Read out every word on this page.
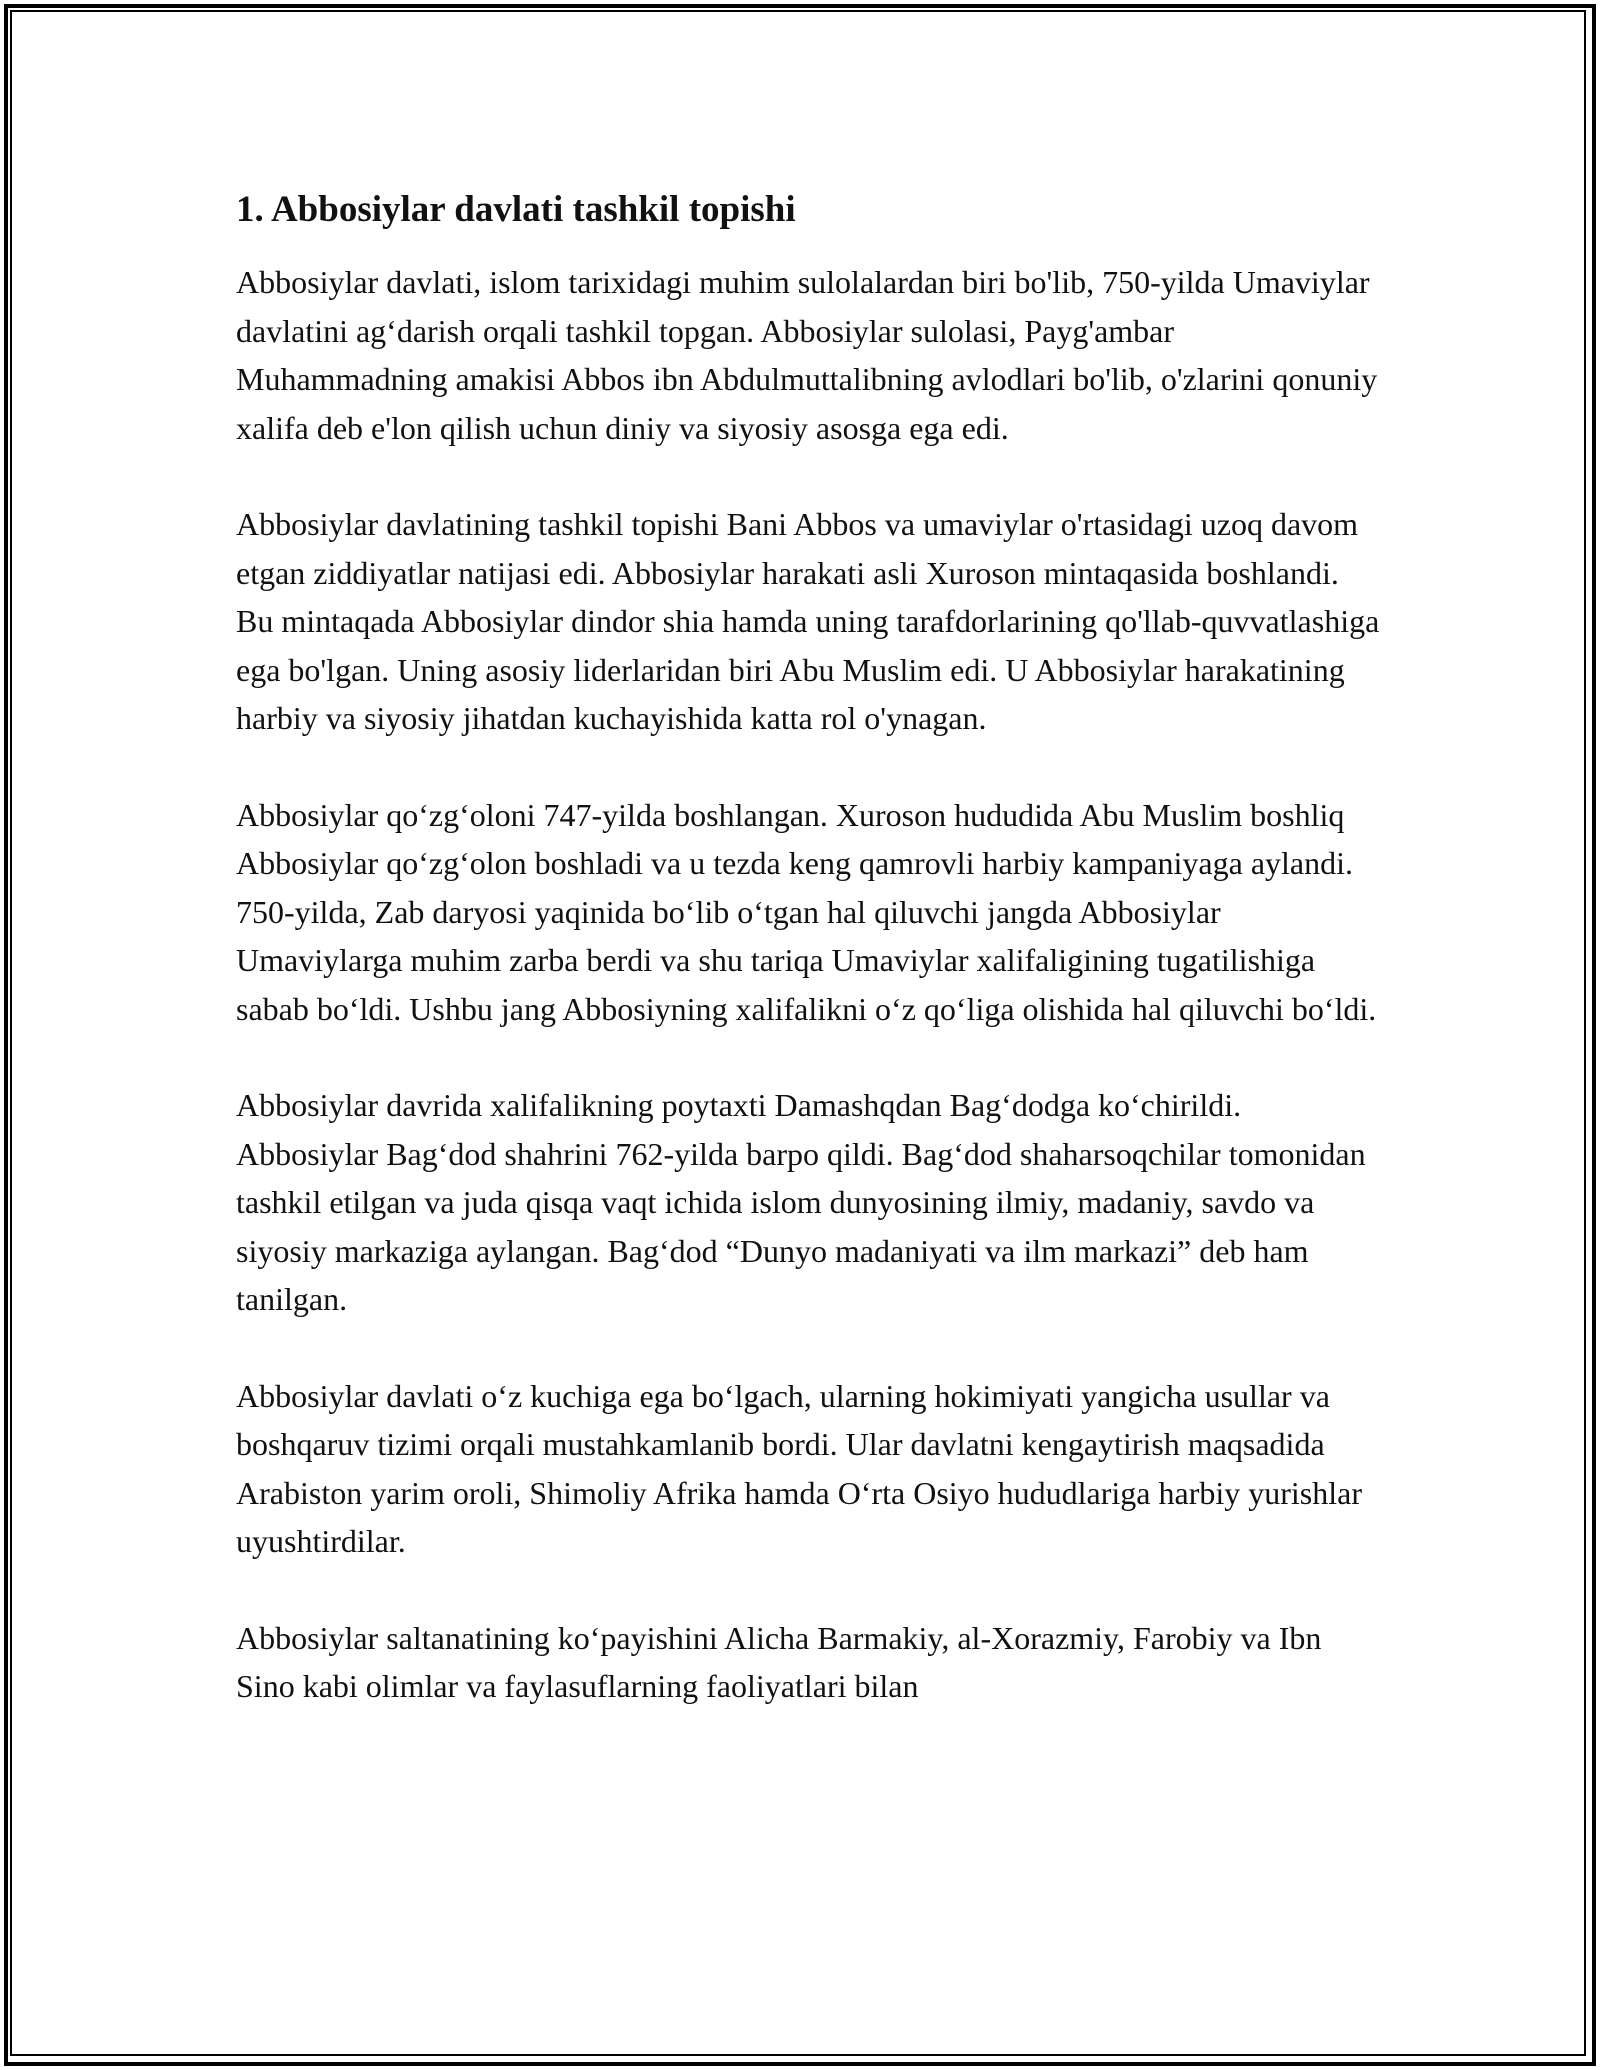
1. Abbosiylar davlati tashkil topishi

Abbosiylar davlati, islom tarixidagi muhim sulolalardan biri bo'lib, 750-yilda Umaviylar davlatini ag‘darish orqali tashkil topgan. Abbosiylar sulolasi, Payg'ambar Muhammadning amakisi Abbos ibn Abdulmuttalibning avlodlari bo'lib, o'zlarini qonuniy xalifa deb e'lon qilish uchun diniy va siyosiy asosga ega edi.

Abbosiylar davlatining tashkil topishi Bani Abbos va umaviylar o'rtasidagi uzoq davom etgan ziddiyatlar natijasi edi. Abbosiylar harakati asli Xuroson mintaqasida boshlandi. Bu mintaqada Abbosiylar dindor shia hamda uning tarafdorlarining qo'llab-quvvatlashiga ega bo'lgan. Uning asosiy liderlaridan biri Abu Muslim edi. U Abbosiylar harakatining harbiy va siyosiy jihatdan kuchayishida katta rol o'ynagan.

Abbosiylar qo‘zg‘oloni 747-yilda boshlangan. Xuroson hududida Abu Muslim boshliq Abbosiylar qo‘zg‘olon boshladi va u tezda keng qamrovli harbiy kampaniyaga aylandi. 750-yilda, Zab daryosi yaqinida bo‘lib o‘tgan hal qiluvchi jangda Abbosiylar Umaviylarga muhim zarba berdi va shu tariqa Umaviylar xalifaligining tugatilishiga sabab bo‘ldi. Ushbu jang Abbosiyning xalifalikni o‘z qo‘liga olishida hal qiluvchi bo‘ldi.

Abbosiylar davrida xalifalikning poytaxti Damashqdan Bag‘dodga ko‘chirildi. Abbosiylar Bag‘dod shahrini 762-yilda barpo qildi. Bag‘dod shaharsoqchilar tomonidan tashkil etilgan va juda qisqa vaqt ichida islom dunyosining ilmiy, madaniy, savdo va siyosiy markaziga aylangan. Bag‘dod “Dunyo madaniyati va ilm markazi” deb ham tanilgan.

Abbosiylar davlati o‘z kuchiga ega bo‘lgach, ularning hokimiyati yangicha usullar va boshqaruv tizimi orqali mustahkamlanib bordi. Ular davlatni kengaytirish maqsadida Arabiston yarim oroli, Shimoliy Afrika hamda O‘rta Osiyo hududlariga harbiy yurishlar uyushtirdilar.

Abbosiylar saltanatining ko‘payishini Alicha Barmakiy, al-Xorazmiy, Farobiy va Ibn Sino kabi olimlar va faylasuflarning faoliyatlari bilan
